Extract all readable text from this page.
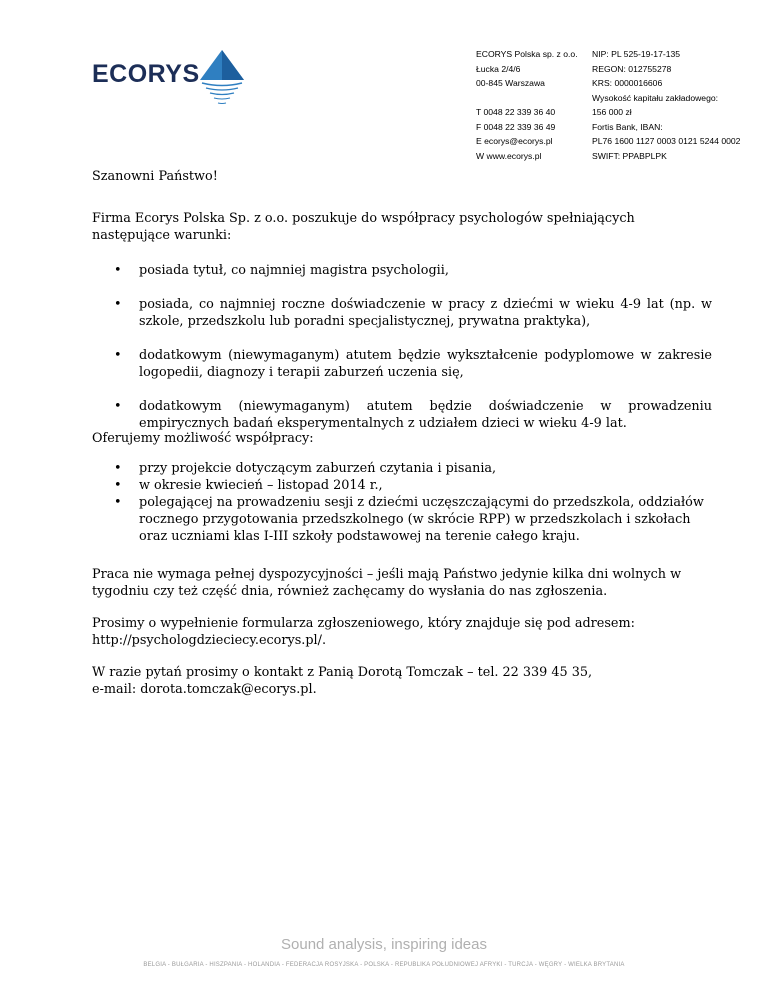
ECORYS
ECORYS Polska sp. z o.o.
Łucka 2/4/6
00-845 Warszawa
T 0048 22 339 36 40
F 0048 22 339 36 49
E ecorys@ecorys.pl
W www.ecorys.pl
NIP: PL 525-19-17-135
REGON: 012755278
KRS: 0000016606
Wysokość kapitału zakładowego:
156 000 zł
Fortis Bank, IBAN:
PL76 1600 1127 0003 0121 5244 0002
SWIFT: PPABPLPK

Szanowni Państwo!

Firma Ecorys Polska Sp. z o.o. poszukuje do współpracy psychologów spełniających następujące warunki:

• posiada tytuł, co najmniej magistra psychologii,
• posiada, co najmniej roczne doświadczenie w pracy z dziećmi w wieku 4-9 lat (np. w szkole, przedszkolu lub poradni specjalistycznej, prywatna praktyka),
• dodatkowym (niewymaganym) atutem będzie wykształcenie podyplomowe w zakresie logopedii, diagnozy i terapii zaburzeń uczenia się,
• dodatkowym (niewymaganym) atutem będzie doświadczenie w prowadzeniu empirycznych badań eksperymentalnych z udziałem dzieci w wieku 4-9 lat.

Oferujemy możliwość współpracy:

• przy projekcie dotyczącym zaburzeń czytania i pisania,
• w okresie kwiecień – listopad 2014 r.,
• polegającej na prowadzeniu sesji z dziećmi uczęszczającymi do przedszkola, oddziałów rocznego przygotowania przedszkolnego (w skrócie RPP) w przedszkolach i szkołach oraz uczniami klas I-III szkoły podstawowej na terenie całego kraju.

Praca nie wymaga pełnej dyspozycyjności – jeśli mają Państwo jedynie kilka dni wolnych w tygodniu czy też część dnia, również zachęcamy do wysłania do nas zgłoszenia.

Prosimy o wypełnienie formularza zgłoszeniowego, który znajduje się pod adresem:

http://psychologdzieciecy.ecorys.pl/.

W razie pytań prosimy o kontakt z Panią Dorotą Tomczak – tel. 22 339 45 35,

e-mail: dorota.tomczak@ecorys.pl.

Sound analysis, inspiring ideas
BELGIA - BUŁGARIA - HISZPANIA - HOLANDIA - FEDERACJA ROSYJSKA - POLSKA - REPUBLIKA POŁUDNIOWEJ AFRYKI - TURCJA - WĘGRY - WIELKA BRYTANIA
